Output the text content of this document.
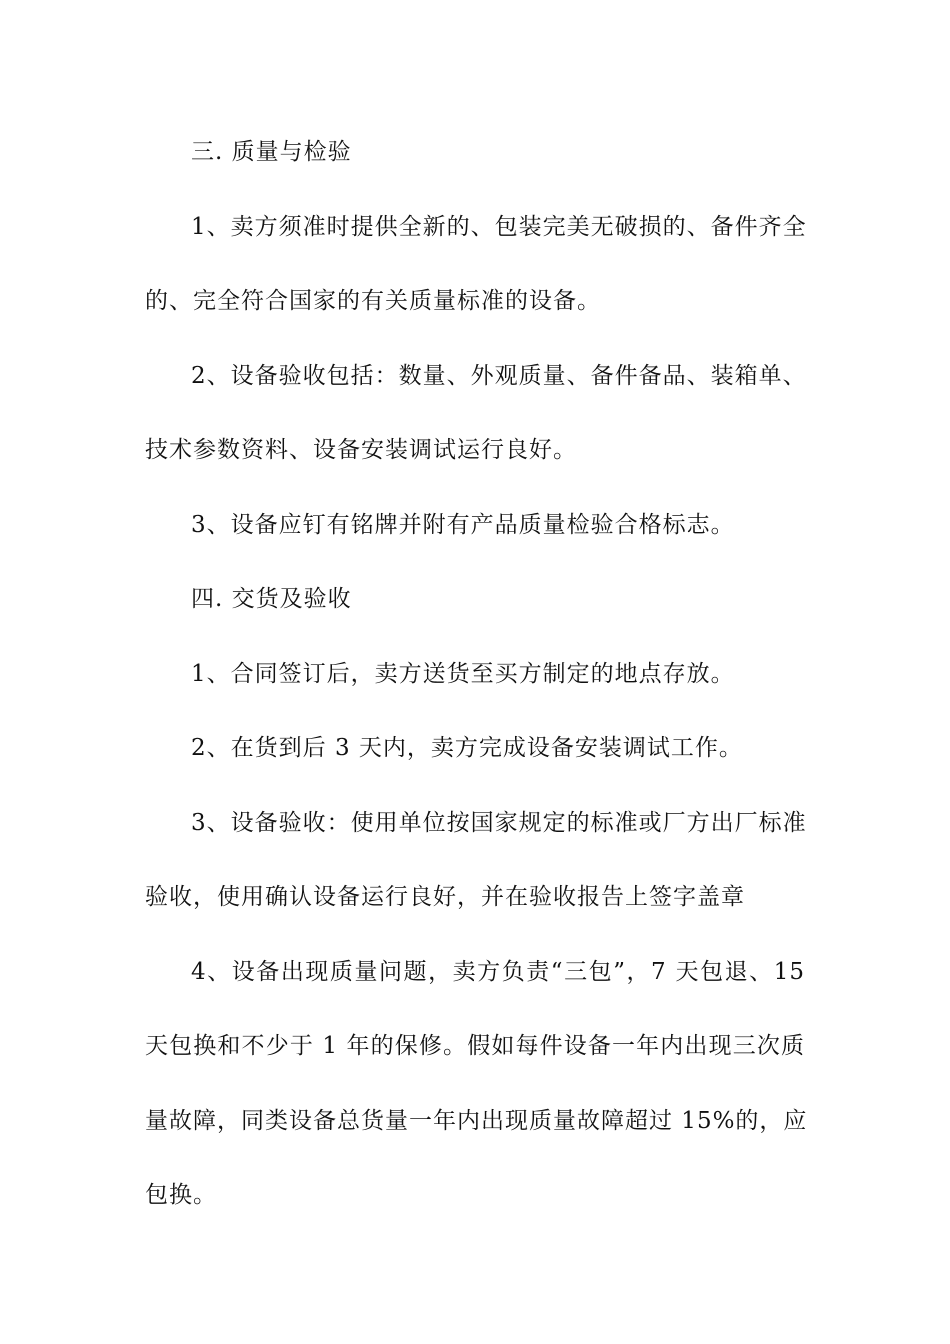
三. 质量与检验
1、卖方须准时提供全新的、包装完美无破损的、备件齐全
的、完全符合国家的有关质量标准的设备。
2、设备验收包括：数量、外观质量、备件备品、装箱单、
技术参数资料、设备安装调试运行良好。
3、设备应钉有铭牌并附有产品质量检验合格标志。
四. 交货及验收
1、合同签订后，卖方送货至买方制定的地点存放。
2、在货到后 3 天内，卖方完成设备安装调试工作。
3、设备验收：使用单位按国家规定的标准或厂方出厂标准
验收，使用确认设备运行良好，并在验收报告上签字盖章
4、设备出现质量问题，卖方负责“三包”，7 天包退、15
天包换和不少于 1 年的保修。假如每件设备一年内出现三次质
量故障，同类设备总货量一年内出现质量故障超过 15%的，应
包换。
